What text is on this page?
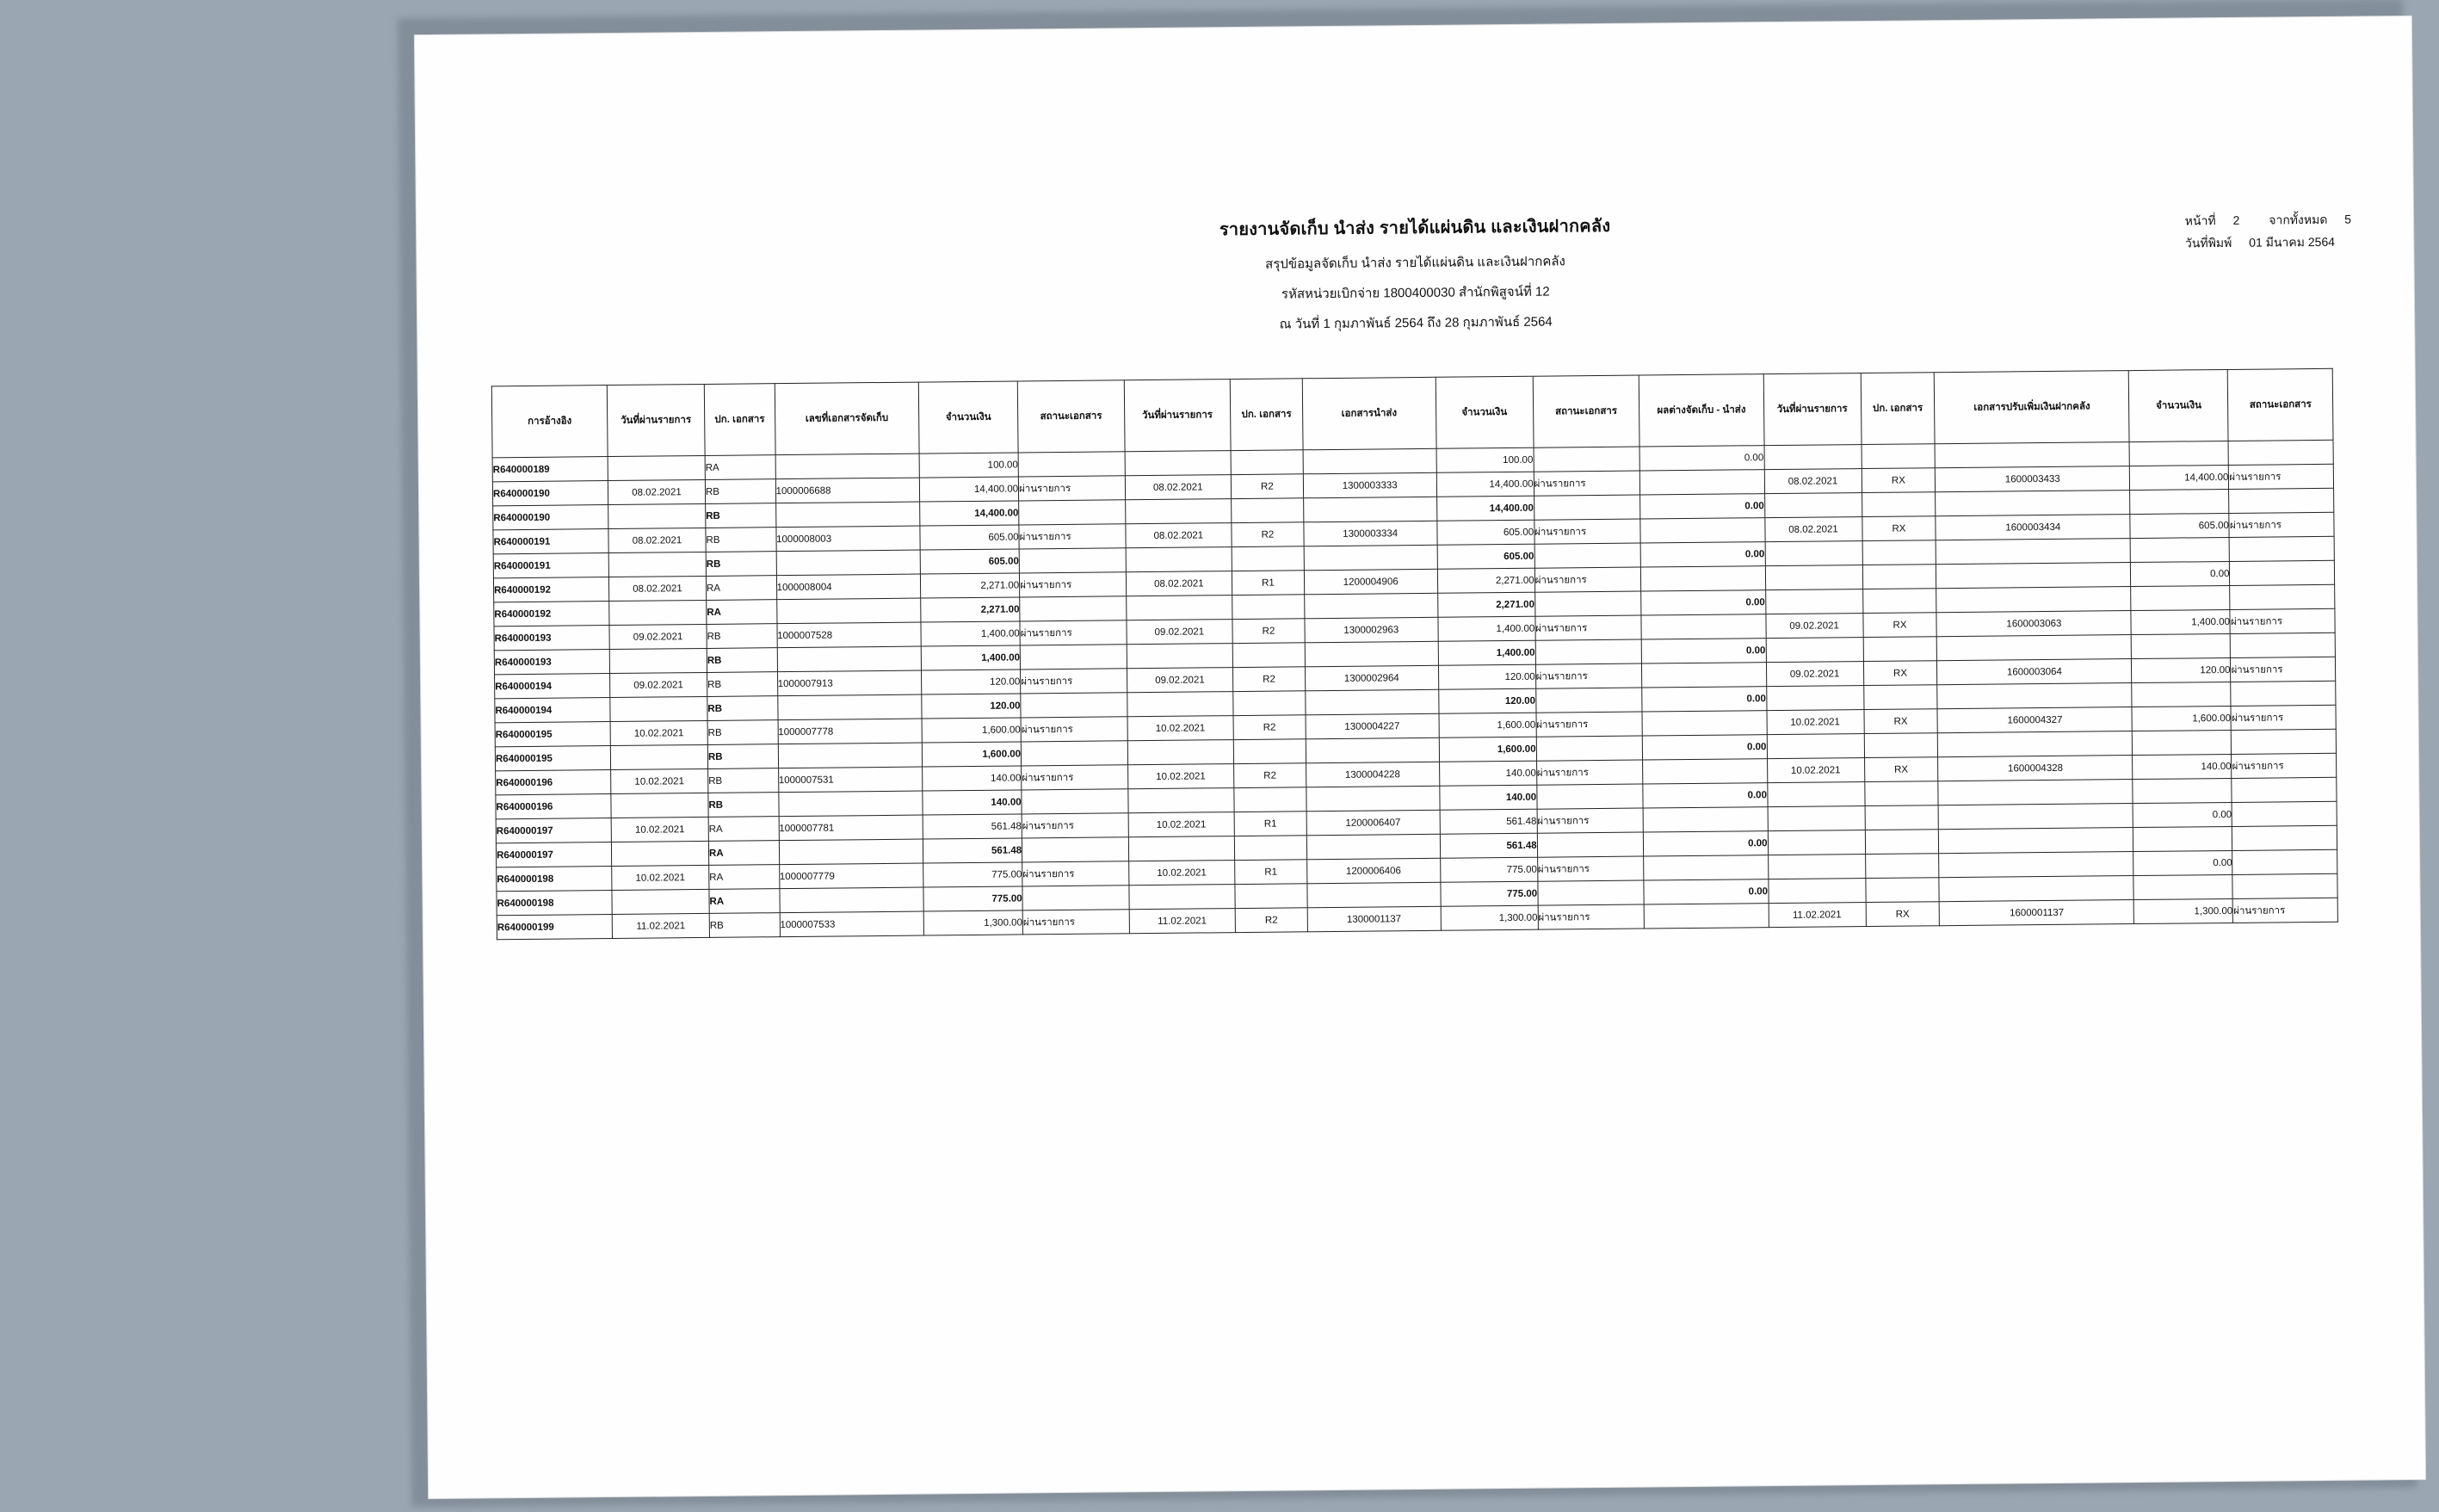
รายงานจัดเก็บ นำส่ง รายได้แผ่นดิน และเงินฝากคลัง
สรุปข้อมูลจัดเก็บ นำส่ง รายได้แผ่นดิน และเงินฝากคลัง
รหัสหน่วยเบิกจ่าย 1800400030 สำนักพิสูจน์ที่ 12
ณ วันที่ 1 กุมภาพันธ์ 2564 ถึง 28 กุมภาพันธ์ 2564
หน้าที่ 2 จากทั้งหมด 5
วันที่พิมพ์ 01 มีนาคม 2564
การอ้างอิง	วันที่ผ่านรายการ	ปก. เอกสาร	เลขที่เอกสารจัดเก็บ	จำนวนเงิน	สถานะเอกสาร	วันที่ผ่านรายการ	ปก. เอกสาร	เอกสารนำส่ง	จำนวนเงิน	สถานะเอกสาร	ผลต่างจัดเก็บ - นำส่ง	วันที่ผ่านรายการ	ปก. เอกสาร	เอกสารปรับเพิ่มเงินฝากคลัง	จำนวนเงิน	สถานะเอกสาร
R640000189		RA		100.00					100.00		0.00					
R640000190	08.02.2021	RB	1000006688	14,400.00	ผ่านรายการ	08.02.2021	R2	1300003333	14,400.00	ผ่านรายการ		08.02.2021	RX	1600003433	14,400.00	ผ่านรายการ
R640000190		RB		14,400.00					14,400.00		0.00					
R640000191	08.02.2021	RB	1000008003	605.00	ผ่านรายการ	08.02.2021	R2	1300003334	605.00	ผ่านรายการ		08.02.2021	RX	1600003434	605.00	ผ่านรายการ
R640000191		RB		605.00					605.00		0.00					
R640000192	08.02.2021	RA	1000008004	2,271.00	ผ่านรายการ	08.02.2021	R1	1200004906	2,271.00	ผ่านรายการ					0.00	
R640000192		RA		2,271.00					2,271.00		0.00					
R640000193	09.02.2021	RB	1000007528	1,400.00	ผ่านรายการ	09.02.2021	R2	1300002963	1,400.00	ผ่านรายการ		09.02.2021	RX	1600003063	1,400.00	ผ่านรายการ
R640000193		RB		1,400.00					1,400.00		0.00					
R640000194	09.02.2021	RB	1000007913	120.00	ผ่านรายการ	09.02.2021	R2	1300002964	120.00	ผ่านรายการ		09.02.2021	RX	1600003064	120.00	ผ่านรายการ
R640000194		RB		120.00					120.00		0.00					
R640000195	10.02.2021	RB	1000007778	1,600.00	ผ่านรายการ	10.02.2021	R2	1300004227	1,600.00	ผ่านรายการ		10.02.2021	RX	1600004327	1,600.00	ผ่านรายการ
R640000195		RB		1,600.00					1,600.00		0.00					
R640000196	10.02.2021	RB	1000007531	140.00	ผ่านรายการ	10.02.2021	R2	1300004228	140.00	ผ่านรายการ		10.02.2021	RX	1600004328	140.00	ผ่านรายการ
R640000196		RB		140.00					140.00		0.00					
R640000197	10.02.2021	RA	1000007781	561.48	ผ่านรายการ	10.02.2021	R1	1200006407	561.48	ผ่านรายการ					0.00	
R640000197		RA		561.48					561.48		0.00					
R640000198	10.02.2021	RA	1000007779	775.00	ผ่านรายการ	10.02.2021	R1	1200006406	775.00	ผ่านรายการ					0.00	
R640000198		RA		775.00					775.00		0.00					
R640000199	11.02.2021	RB	1000007533	1,300.00	ผ่านรายการ	11.02.2021	R2	1300001137	1,300.00	ผ่านรายการ		11.02.2021	RX	1600001137	1,300.00	ผ่านรายการ
